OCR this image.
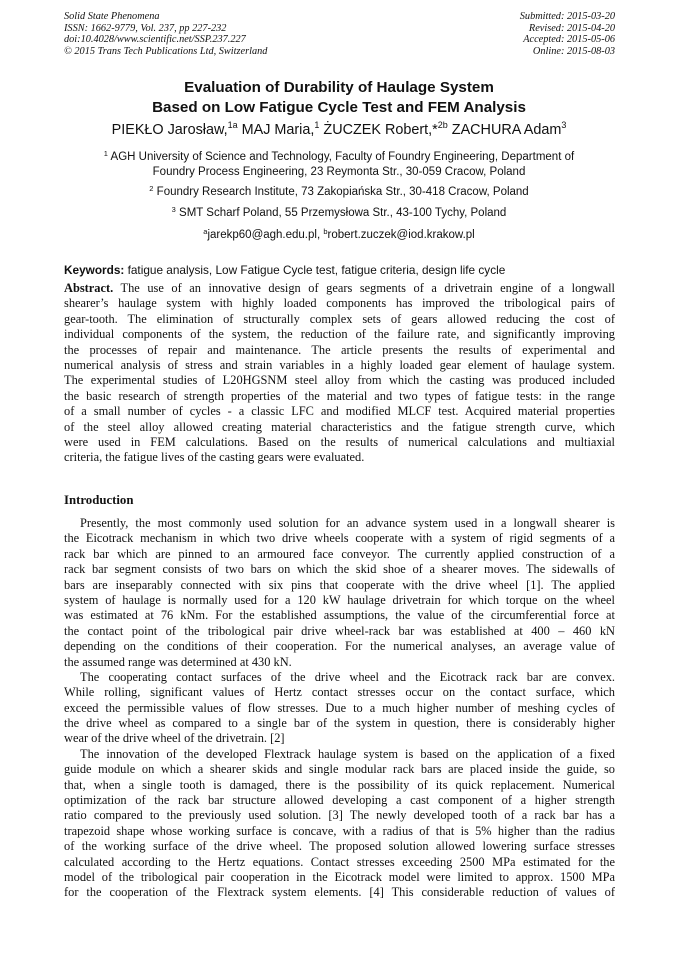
Solid State Phenomena
ISSN: 1662-9779, Vol. 237, pp 227-232
doi:10.4028/www.scientific.net/SSP.237.227
© 2015 Trans Tech Publications Ltd, Switzerland
Submitted: 2015-03-20
Revised: 2015-04-20
Accepted: 2015-05-06
Online: 2015-08-03
Evaluation of Durability of Haulage System
Based on Low Fatigue Cycle Test and FEM Analysis
PIEKŁO Jarosław,$^{1a}$ MAJ Maria,$^1$ ŻUCZEK Robert,*$^{2b}$ ZACHURA Adam$^3$
$^1$ AGH University of Science and Technology, Faculty of Foundry Engineering, Department of
Foundry Process Engineering, 23 Reymonta Str., 30-059 Cracow, Poland
$^2$ Foundry Research Institute, 73 Zakopiańska Str., 30-418 Cracow, Poland
$^3$ SMT Scharf Poland, 55 Przemysłowa Str., 43-100 Tychy, Poland
$^a$jarekp60@agh.edu.pl, $^b$robert.zuczek@iod.krakow.pl
Keywords: fatigue analysis, Low Fatigue Cycle test, fatigue criteria, design life cycle
Abstract. The use of an innovative design of gears segments of a drivetrain engine of a longwall
shearer’s haulage system with highly loaded components has improved the tribological pairs of
gear-tooth. The elimination of structurally complex sets of gears allowed reducing the cost of
individual components of the system, the reduction of the failure rate, and significantly improving
the processes of repair and maintenance. The article presents the results of experimental and
numerical analysis of stress and strain variables in a highly loaded gear element of haulage system.
The experimental studies of L20HGSNM steel alloy from which the casting was produced included
the basic research of strength properties of the material and two types of fatigue tests: in the range
of a small number of cycles - a classic LFC and modified MLCF test. Acquired material properties
of the steel alloy allowed creating material characteristics and the fatigue strength curve, which
were used in FEM calculations. Based on the results of numerical calculations and multiaxial
criteria, the fatigue lives of the casting gears were evaluated.
Introduction
Presently, the most commonly used solution for an advance system used in a longwall shearer is
the Eicotrack mechanism in which two drive wheels cooperate with a system of rigid segments of a
rack bar which are pinned to an armoured face conveyor. The currently applied construction of a
rack bar segment consists of two bars on which the skid shoe of a shearer moves. The sidewalls of
bars are inseparably connected with six pins that cooperate with the drive wheel [1]. The applied
system of haulage is normally used for a 120 kW haulage drivetrain for which torque on the wheel
was estimated at 76 kNm. For the established assumptions, the value of the circumferential force at
the contact point of the tribological pair drive wheel-rack bar was established at 400 – 460 kN
depending on the conditions of their cooperation. For the numerical analyses, an average value of
the assumed range was determined at 430 kN.
The cooperating contact surfaces of the drive wheel and the Eicotrack rack bar are convex.
While rolling, significant values of Hertz contact stresses occur on the contact surface, which
exceed the permissible values of flow stresses. Due to a much higher number of meshing cycles of
the drive wheel as compared to a single bar of the system in question, there is considerably higher
wear of the drive wheel of the drivetrain. [2]
The innovation of the developed Flextrack haulage system is based on the application of a fixed
guide module on which a shearer skids and single modular rack bars are placed inside the guide, so
that, when a single tooth is damaged, there is the possibility of its quick replacement. Numerical
optimization of the rack bar structure allowed developing a cast component of a higher strength
ratio compared to the previously used solution. [3] The newly developed tooth of a rack bar has a
trapezoid shape whose working surface is concave, with a radius of that is 5% higher than the radius
of the working surface of the drive wheel. The proposed solution allowed lowering surface stresses
calculated according to the Hertz equations. Contact stresses exceeding 2500 MPa estimated for the
model of the tribological pair cooperation in the Eicotrack model were limited to approx. 1500 MPa
for the cooperation of the Flextrack system elements. [4] This considerable reduction of values of
